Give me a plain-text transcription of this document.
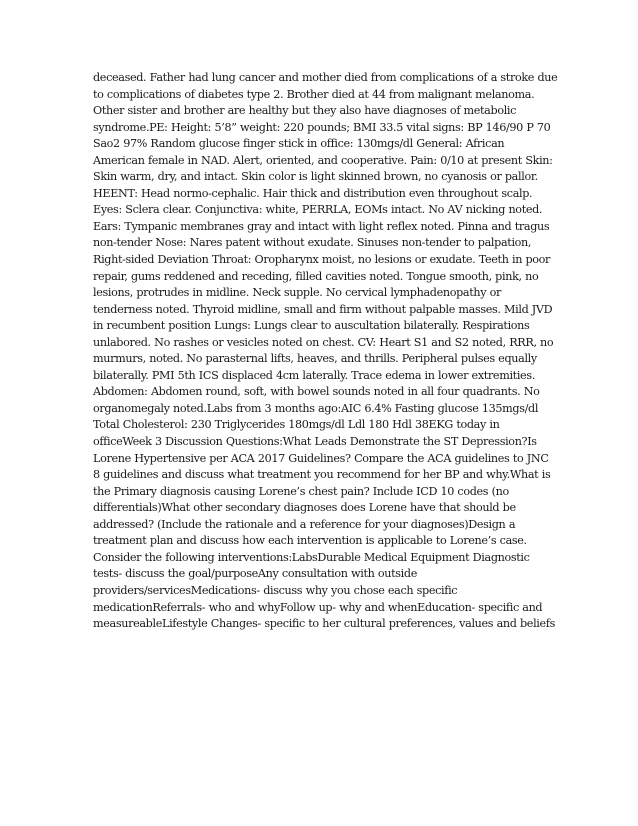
deceased. Father had lung cancer and mother died from complications of a stroke due to complications of diabetes type 2. Brother died at 44 from malignant melanoma. Other sister and brother are healthy but they also have diagnoses of metabolic syndrome.PE: Height: 5’8” weight: 220 pounds; BMI 33.5 vital signs: BP 146/90 P 70 Sao2 97% Random glucose finger stick in office: 130mgs/dl General: African American female in NAD. Alert, oriented, and cooperative. Pain: 0/10 at present Skin: Skin warm, dry, and intact. Skin color is light skinned brown, no cyanosis or pallor. HEENT: Head normo-cephalic. Hair thick and distribution even throughout scalp. Eyes: Sclera clear. Conjunctiva: white, PERRLA, EOMs intact. No AV nicking noted. Ears: Tympanic membranes gray and intact with light reflex noted. Pinna and tragus non-tender Nose: Nares patent without exudate. Sinuses non-tender to palpation, Right-sided Deviation Throat: Oropharynx moist, no lesions or exudate. Teeth in poor repair, gums reddened and receding, filled cavities noted. Tongue smooth, pink, no lesions, protrudes in midline. Neck supple. No cervical lymphadenopathy or tenderness noted. Thyroid midline, small and firm without palpable masses. Mild JVD in recumbent position Lungs: Lungs clear to auscultation bilaterally. Respirations unlabored. No rashes or vesicles noted on chest. CV: Heart S1 and S2 noted, RRR, no murmurs, noted. No parasternal lifts, heaves, and thrills. Peripheral pulses equally bilaterally. PMI 5th ICS displaced 4cm laterally. Trace edema in lower extremities. Abdomen: Abdomen round, soft, with bowel sounds noted in all four quadrants. No organomegaly noted.Labs from 3 months ago:AIC 6.4% Fasting glucose 135mgs/dl Total Cholesterol: 230 Triglycerides 180mgs/dl Ldl 180 Hdl 38EKG today in officeWeek 3 Discussion Questions:What Leads Demonstrate the ST Depression?Is Lorene Hypertensive per ACA 2017 Guidelines? Compare the ACA guidelines to JNC 8 guidelines and discuss what treatment you recommend for her BP and why.What is the Primary diagnosis causing Lorene’s chest pain? Include ICD 10 codes (no differentials)What other secondary diagnoses does Lorene have that should be addressed? (Include the rationale and a reference for your diagnoses)Design a treatment plan and discuss how each intervention is applicable to Lorene’s case. Consider the following interventions:LabsDurable Medical Equipment Diagnostic tests- discuss the goal/purposeAny consultation with outside providers/servicesMedications- discuss why you chose each specific medicationReferrals- who and whyFollow up- why and whenEducation- specific and measureableLifestyle Changes- specific to her cultural preferences, values and beliefs
